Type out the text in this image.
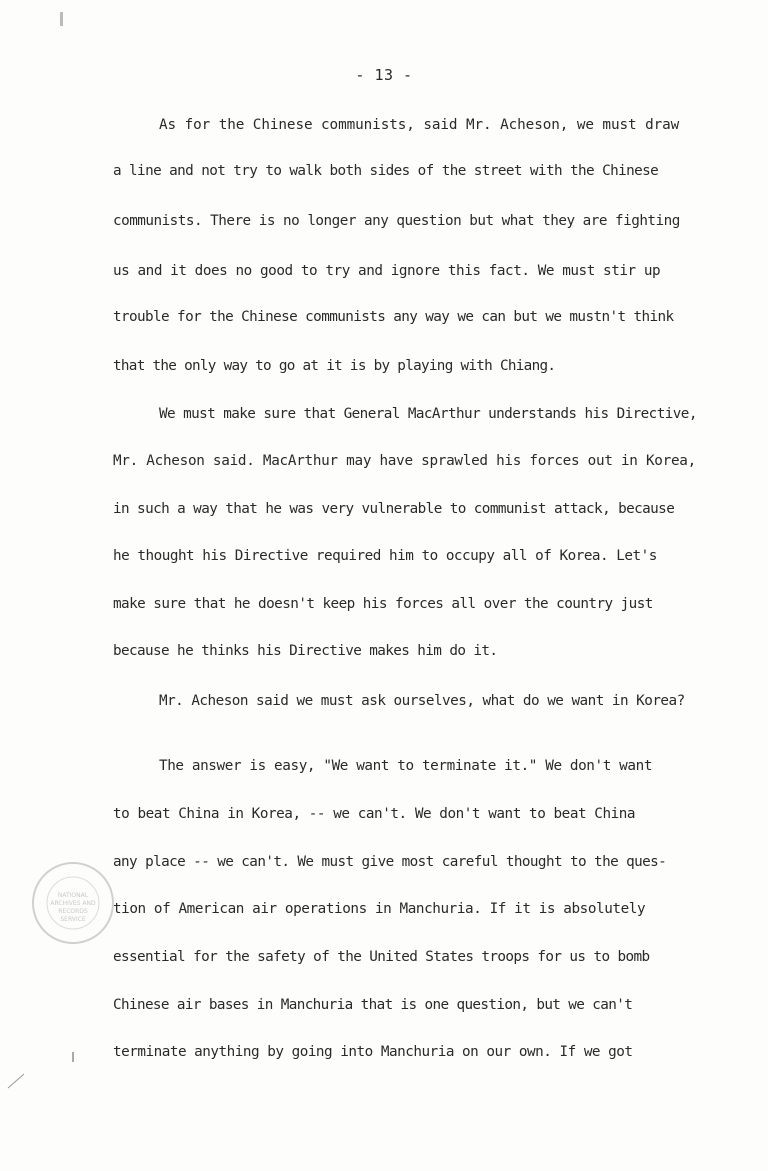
- 13 -
As for the Chinese communists, said Mr. Acheson, we must draw
a line and not try to walk both sides of the street with the Chinese
communists. There is no longer any question but what they are fighting
us and it does no good to try and ignore this fact. We must stir up
trouble for the Chinese communists any way we can but we mustn't think
that the only way to go at it is by playing with Chiang.
We must make sure that General MacArthur understands his Directive,
Mr. Acheson said. MacArthur may have sprawled his forces out in Korea,
in such a way that he was very vulnerable to communist attack, because
he thought his Directive required him to occupy all of Korea. Let's
make sure that he doesn't keep his forces all over the country just
because he thinks his Directive makes him do it.
Mr. Acheson said we must ask ourselves, what do we want in Korea?
The answer is easy, "We want to terminate it." We don't want
to beat China in Korea, -- we can't. We don't want to beat China
any place -- we can't. We must give most careful thought to the ques-
tion of American air operations in Manchuria. If it is absolutely
essential for the safety of the United States troops for us to bomb
Chinese air bases in Manchuria that is one question, but we can't
terminate anything by going into Manchuria on our own. If we got
NATIONAL
ARCHIVES AND
RECORDS
SERVICE
